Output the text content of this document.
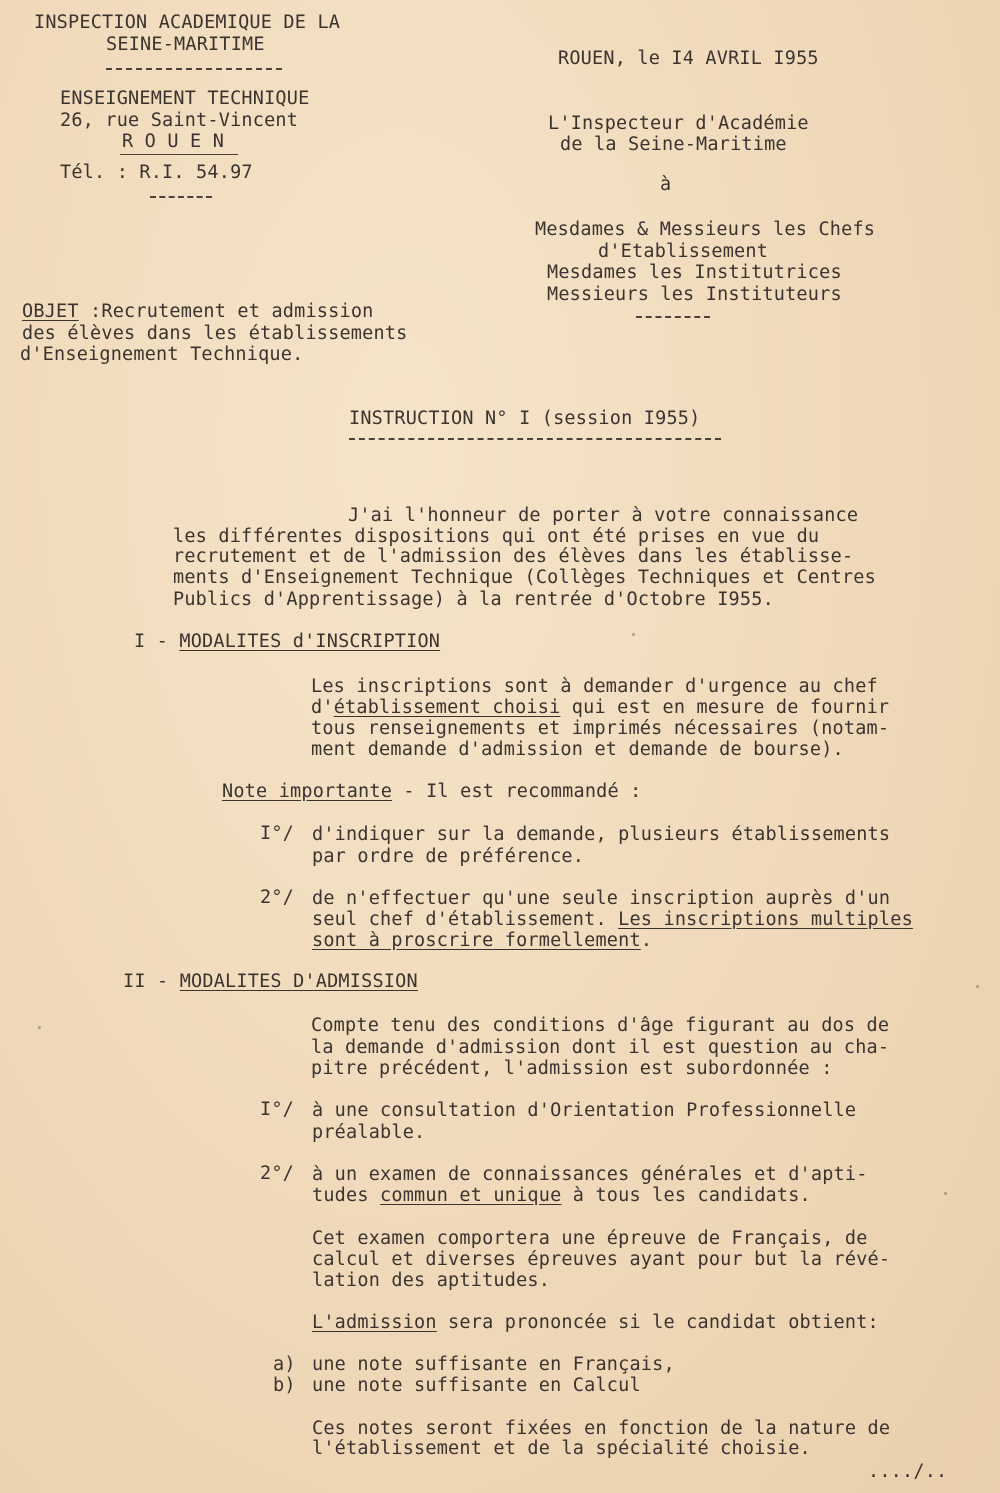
INSPECTION ACADEMIQUE DE LA
SEINE-MARITIME
ENSEIGNEMENT TECHNIQUE
26, rue Saint-Vincent
R O U E N
Tél. : R.I. 54.97
ROUEN, le I4 AVRIL I955
L'Inspecteur d'Académie
de la Seine-Maritime
à
Mesdames & Messieurs les Chefs
d'Etablissement
Mesdames les Institutrices
Messieurs les Instituteurs
OBJET :Recrutement et admission
des élèves dans les établissements
d'Enseignement Technique.
INSTRUCTION N° I (session I955)
J'ai l'honneur de porter à votre connaissance
les différentes dispositions qui ont été prises en vue du
recrutement et de l'admission des élèves dans les établisse-
ments d'Enseignement Technique (Collèges Techniques et Centres
Publics d'Apprentissage) à la rentrée d'Octobre I955.
I - MODALITES d'INSCRIPTION
Les inscriptions sont à demander d'urgence au chef
d'établissement choisi qui est en mesure de fournir
tous renseignements et imprimés nécessaires (notam-
ment demande d'admission et demande de bourse).
Note importante - Il est recommandé :
I°/ d'indiquer sur la demande, plusieurs établissements
par ordre de préférence.
2°/ de n'effectuer qu'une seule inscription auprès d'un
seul chef d'établissement. Les inscriptions multiples
sont à proscrire formellement.
II - MODALITES D'ADMISSION
Compte tenu des conditions d'âge figurant au dos de
la demande d'admission dont il est question au cha-
pitre précédent, l'admission est subordonnée :
I°/ à une consultation d'Orientation Professionnelle
préalable.
2°/ à un examen de connaissances générales et d'apti-
tudes commun et unique à tous les candidats.
Cet examen comportera une épreuve de Français, de
calcul et diverses épreuves ayant pour but la révé-
lation des aptitudes.
L'admission sera prononcée si le candidat obtient:
a) une note suffisante en Français,
b) une note suffisante en Calcul
Ces notes seront fixées en fonction de la nature de
l'établissement et de la spécialité choisie.
..../..
